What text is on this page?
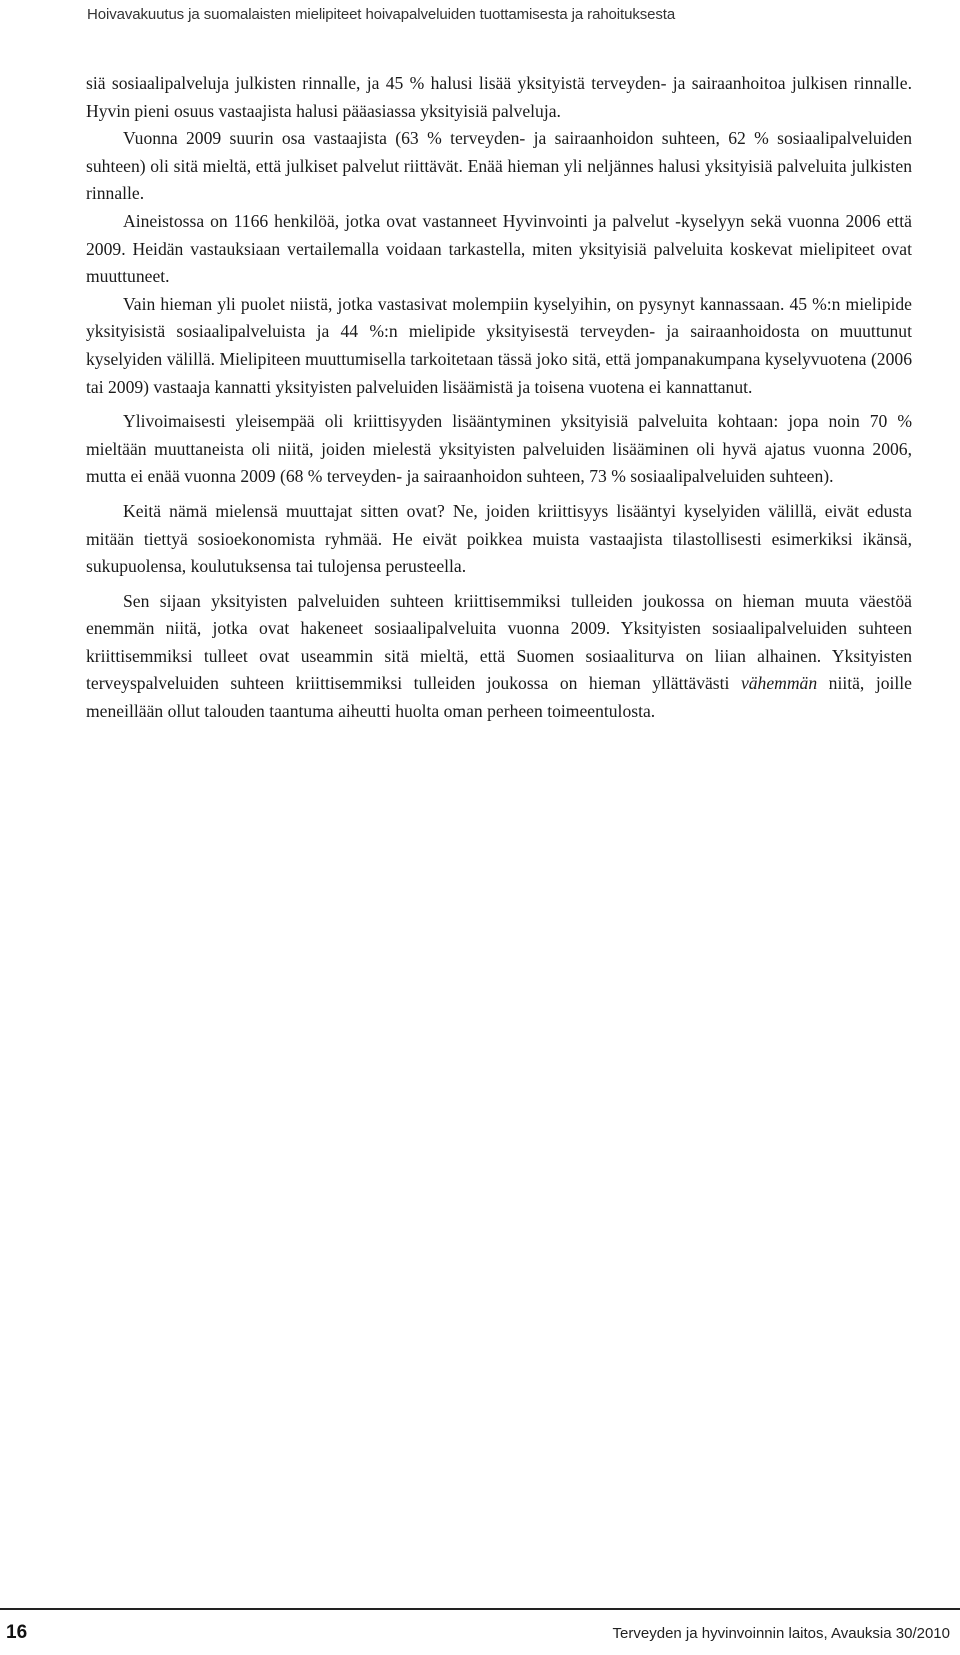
Hoivavakuutus ja suomalaisten mielipiteet hoivapalveluiden tuottamisesta ja rahoituksesta

siä sosiaalipalveluja julkisten rinnalle, ja 45 % halusi lisää yksityistä terveyden- ja sairaanhoitoa julkisen rinnalle. Hyvin pieni osuus vastaajista halusi pääasiassa yksityisiä palveluja.

Vuonna 2009 suurin osa vastaajista (63 % terveyden- ja sairaanhoidon suhteen, 62 % sosiaalipalveluiden suhteen) oli sitä mieltä, että julkiset palvelut riittävät. Enää hieman yli neljännes halusi yksityisiä palveluita julkisten rinnalle.

Aineistossa on 1166 henkilöä, jotka ovat vastanneet Hyvinvointi ja palvelut -kyselyyn sekä vuonna 2006 että 2009. Heidän vastauksiaan vertailemalla voidaan tarkastella, miten yksityisiä palveluita koskevat mielipiteet ovat muuttuneet.

Vain hieman yli puolet niistä, jotka vastasivat molempiin kyselyihin, on pysynyt kannassaan. 45 %:n mielipide yksityisistä sosiaalipalveluista ja 44 %:n mielipide yksityisestä terveyden- ja sairaanhoidosta on muuttunut kyselyiden välillä. Mielipiteen muuttumisella tarkoitetaan tässä joko sitä, että jompanakumpana kyselyvuotena (2006 tai 2009) vastaaja kannatti yksityisten palveluiden lisäämistä ja toisena vuotena ei kannattanut.

Ylivoimaisesti yleisempää oli kriittisyyden lisääntyminen yksityisiä palveluita kohtaan: jopa noin 70 % mieltään muuttaneista oli niitä, joiden mielestä yksityisten palveluiden lisääminen oli hyvä ajatus vuonna 2006, mutta ei enää vuonna 2009 (68 % terveyden- ja sairaanhoidon suhteen, 73 % sosiaalipalveluiden suhteen).

Keitä nämä mielensä muuttajat sitten ovat? Ne, joiden kriittisyys lisääntyi kyselyiden välillä, eivät edusta mitään tiettyä sosioekonomista ryhmää. He eivät poikkea muista vastaajista tilastollisesti esimerkiksi ikänsä, sukupuolensa, koulutuksensa tai tulojensa perusteella.

Sen sijaan yksityisten palveluiden suhteen kriittisemmiksi tulleiden joukossa on hieman muuta väestöä enemmän niitä, jotka ovat hakeneet sosiaalipalveluita vuonna 2009. Yksityisten sosiaalipalveluiden suhteen kriittisemmiksi tulleet ovat useammin sitä mieltä, että Suomen sosiaaliturva on liian alhainen. Yksityisten terveyspalveluiden suhteen kriittisemmiksi tulleiden joukossa on hieman yllättävästi vähemmän niitä, joille meneillään ollut talouden taantuma aiheutti huolta oman perheen toimeentulosta.

16	Terveyden ja hyvinvoinnin laitos, Avauksia 30/2010
